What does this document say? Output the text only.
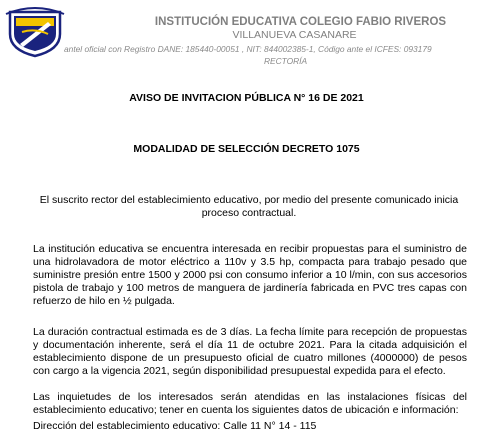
INSTITUCIÓN EDUCATIVA COLEGIO FABIO RIVEROS
VILLANUEVA CASANARE
antel oficial con Registro DANE: 185440-00051 , NIT: 844002385-1, Código ante el ICFES: 093179
RECTORÍA
AVISO DE INVITACION PÚBLICA N° 16 DE 2021
MODALIDAD DE SELECCIÓN DECRETO 1075
El suscrito rector del establecimiento educativo, por medio del presente comunicado inicia proceso contractual.
La institución educativa se encuentra interesada en recibir propuestas para el suministro de una hidrolavadora de motor eléctrico a 110v y 3.5 hp, compacta para trabajo pesado que suministre presión entre 1500 y 2000 psi con consumo inferior a 10 l/min, con sus accesorios pistola de trabajo y 100 metros de manguera de jardinería fabricada en PVC tres capas con refuerzo de hilo en ½ pulgada.
La duración contractual estimada es de 3 días. La fecha límite para recepción de propuestas y documentación inherente, será el día 11 de octubre 2021. Para la citada adquisición el establecimiento dispone de un presupuesto oficial de cuatro millones (4000000) de pesos con cargo a la vigencia 2021, según disponibilidad presupuestal expedida para el efecto.
Las inquietudes de los interesados serán atendidas en las instalaciones físicas del establecimiento educativo; tener en cuenta los siguientes datos de ubicación e información:
Dirección del establecimiento educativo: Calle 11 N° 14 - 115
